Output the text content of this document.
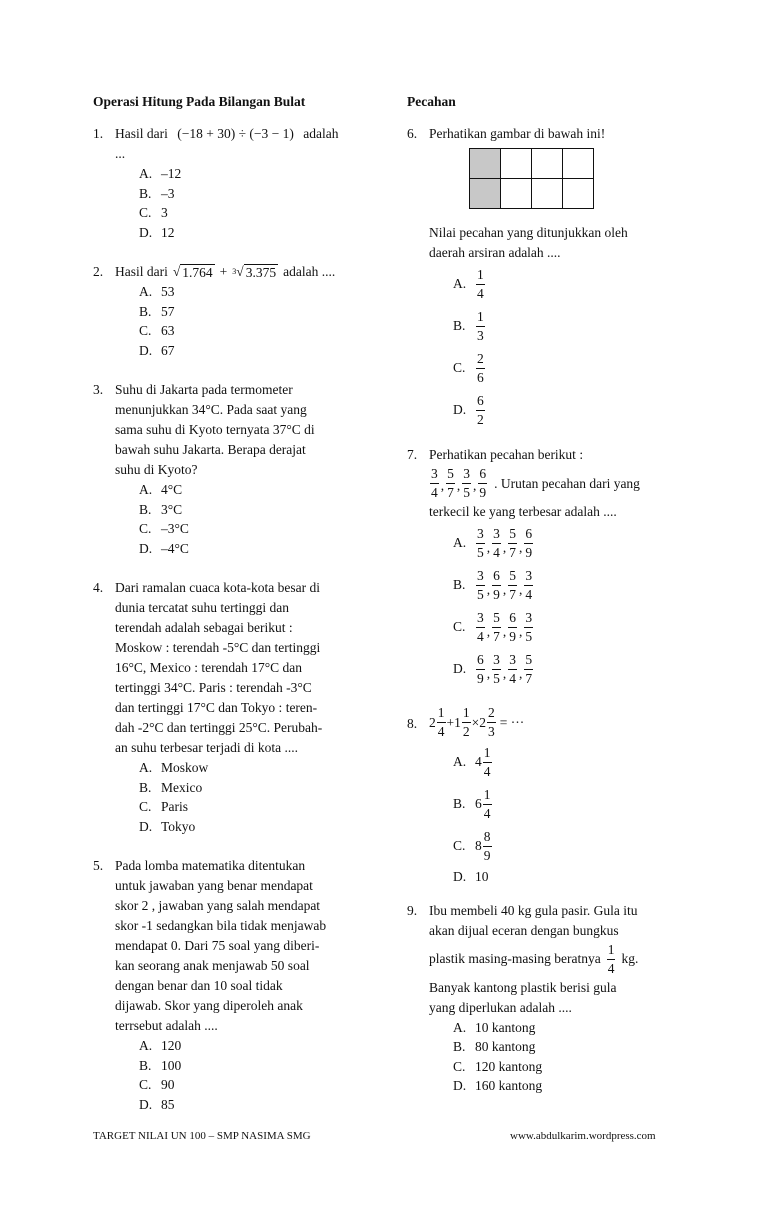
Operasi Hitung Pada Bilangan Bulat
1. Hasil dari (−18 + 30) ÷ (−3 − 1) adalah
...
A. –12
B. –3
C. 3
D. 12
2. Hasil dari √ 1.764 + 3 √ 3.375 adalah ....
A. 53
B. 57
C. 63
D. 67
3. Suhu di Jakarta pada termometer
menunjukkan 34°C. Pada saat yang
sama suhu di Kyoto ternyata 37°C di
bawah suhu Jakarta. Berapa derajat
suhu di Kyoto?
A. 4°C
B. 3°C
C. –3°C
D. –4°C
4. Dari ramalan cuaca kota-kota besar di
dunia tercatat suhu tertinggi dan
terendah adalah sebagai berikut :
Moskow : terendah -5°C dan tertinggi
16°C, Mexico : terendah 17°C dan
tertinggi 34°C. Paris : terendah -3°C
dan tertinggi 17°C dan Tokyo : teren-
dah -2°C dan tertinggi 25°C. Perubah-
an suhu terbesar terjadi di kota ....
A. Moskow
B. Mexico
C. Paris
D. Tokyo
5. Pada lomba matematika ditentukan
untuk jawaban yang benar mendapat
skor 2 , jawaban yang salah mendapat
skor -1 sedangkan bila tidak menjawab
mendapat 0. Dari 75 soal yang diberi-
kan seorang anak menjawab 50 soal
dengan benar dan 10 soal tidak
dijawab. Skor yang diperoleh anak
terrsebut adalah ....
A. 120
B. 100
C. 90
D. 85
Pecahan
6. Perhatikan gambar di bawah ini!
Nilai pecahan yang ditunjukkan oleh
daerah arsiran adalah ....
A. $\frac{1}{4}$
B. $\frac{1}{3}$
C. $\frac{2}{6}$
D. $\frac{6}{2}$
7. Perhatikan pecahan berikut :
$\frac{3}{4}$ , $\frac{5}{7}$ , $\frac{3}{5}$ , $\frac{6}{9}$ . Urutan pecahan dari yang
terkecil ke yang terbesar adalah ....
A. $\frac{3}{5}$ , $\frac{3}{4}$ , $\frac{5}{7}$ , $\frac{6}{9}$
B. $\frac{3}{5}$ , $\frac{6}{9}$ , $\frac{5}{7}$ , $\frac{3}{4}$
C. $\frac{3}{4}$ , $\frac{5}{7}$ , $\frac{6}{9}$ , $\frac{3}{5}$
D. $\frac{6}{9}$ , $\frac{3}{5}$ , $\frac{3}{4}$ , $\frac{5}{7}$
8. $2 \frac{1}{4} +1 \frac{1}{2} \times 2 \frac{2}{3}$ = ···
A. $4 \frac{1}{4}$
B. $6 \frac{1}{4}$
C. $8 \frac{8}{9}$
D. 10
9. Ibu membeli 40 kg gula pasir. Gula itu
akan dijual eceran dengan bungkus
plastik masing-masing beratnya $\frac{1}{4}$ kg.
Banyak kantong plastik berisi gula
yang diperlukan adalah ....
A. 10 kantong
B. 80 kantong
C. 120 kantong
D. 160 kantong
TARGET NILAI UN 100 – SMP NASIMA SMG	www.abdulkarim.wordpress.com
